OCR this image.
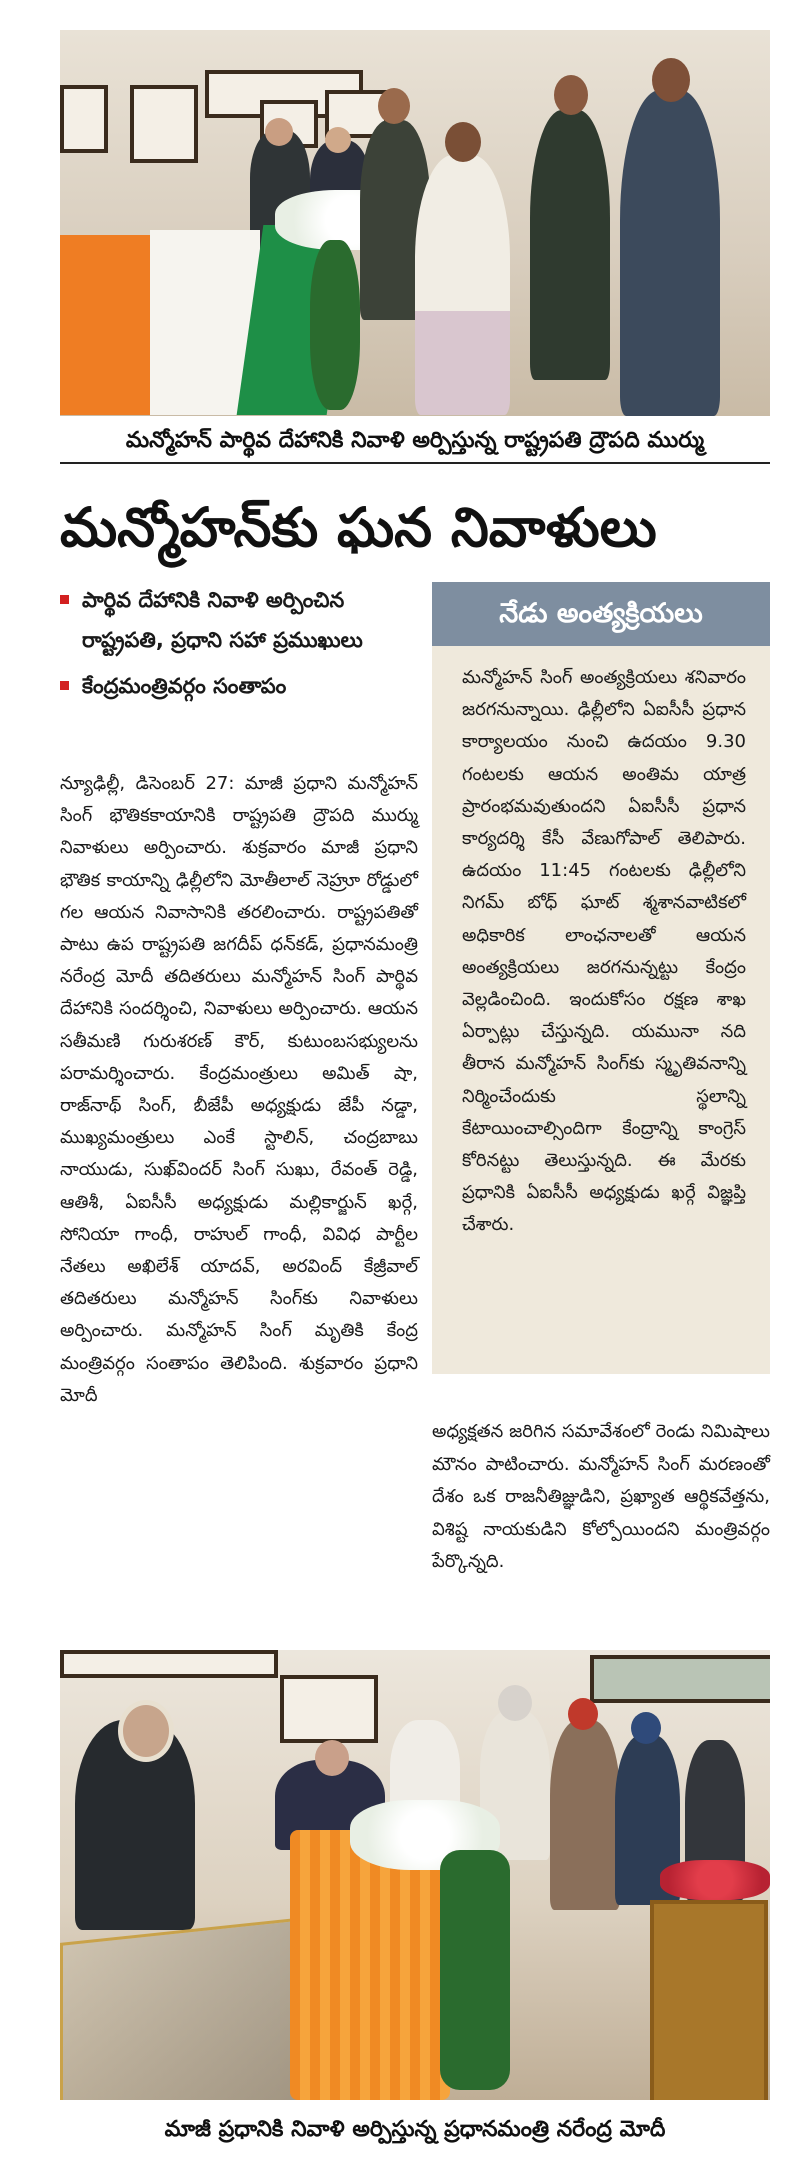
మన్మోహన్ పార్థివ దేహానికి నివాళి అర్పిస్తున్న రాష్ట్రపతి ద్రౌపది ముర్ము
మన్మోహన్‌కు ఘన నివాళులు
పార్థివ దేహానికి నివాళి అర్పించిన రాష్ట్రపతి, ప్రధాని సహా ప్రముఖులు
కేంద్రమంత్రివర్గం సంతాపం
న్యూఢిల్లీ, డిసెంబర్ 27: మాజీ ప్రధాని మన్మోహన్ సింగ్ భౌతికకాయానికి రాష్ట్రపతి ద్రౌపది ముర్ము నివాళులు అర్పించారు. శుక్రవారం మాజీ ప్రధాని భౌతిక కాయాన్ని ఢిల్లీలోని మోతీలాల్ నెహ్రూ రోడ్డులో గల ఆయన నివాసానికి తరలించారు. రాష్ట్రపతితో పాటు ఉప రాష్ట్రపతి జగదీప్ ధన్‌కడ్, ప్రధానమంత్రి నరేంద్ర మోదీ తదితరులు మన్మోహన్ సింగ్ పార్థివ దేహానికి సందర్శించి, నివాళులు అర్పించారు. ఆయన సతీమణి గురుశరణ్ కౌర్, కుటుంబసభ్యులను పరామర్శించారు. కేంద్రమంత్రులు అమిత్ షా, రాజ్‌నాథ్ సింగ్, బీజేపీ అధ్యక్షుడు జేపీ నడ్డా, ముఖ్యమంత్రులు ఎంకే స్టాలిన్, చంద్రబాబు నాయుడు, సుఖ్‌విందర్ సింగ్ సుఖు, రేవంత్ రెడ్డి, ఆతిశీ, ఏఐసీసీ అధ్యక్షుడు మల్లికార్జున్ ఖర్గే, సోనియా గాంధీ, రాహుల్ గాంధీ, వివిధ పార్టీల నేతలు అఖిలేశ్ యాదవ్, అరవింద్ కేజ్రీవాల్ తదితరులు మన్మోహన్ సింగ్‌కు నివాళులు అర్పించారు. మన్మోహన్ సింగ్ మృతికి కేంద్ర మంత్రివర్గం సంతాపం తెలిపింది. శుక్రవారం ప్రధాని మోదీ
నేడు అంత్యక్రియలు
మన్మోహన్ సింగ్ అంత్యక్రియలు శనివారం జరగనున్నాయి. ఢిల్లీలోని ఏఐసీసీ ప్రధాన కార్యాలయం నుంచి ఉదయం 9.30 గంటలకు ఆయన అంతిమ యాత్ర ప్రారంభమవుతుందని ఏఐసీసీ ప్రధాన కార్యదర్శి కేసీ వేణుగోపాల్ తెలిపారు. ఉదయం 11:45 గంటలకు ఢిల్లీలోని నిగమ్ బోధ్ ఘాట్ శ్మశానవాటికలో అధికారిక లాంఛనాలతో ఆయన అంత్యక్రియలు జరగనున్నట్టు కేంద్రం వెల్లడించింది. ఇందుకోసం రక్షణ శాఖ ఏర్పాట్లు చేస్తున్నది. యమునా నది తీరాన మన్మోహన్ సింగ్‌కు స్మృతివనాన్ని నిర్మించేందుకు స్థలాన్ని కేటాయించాల్సిందిగా కేంద్రాన్ని కాంగ్రెస్ కోరినట్టు తెలుస్తున్నది. ఈ మేరకు ప్రధానికి ఏఐసీసీ అధ్యక్షుడు ఖర్గే విజ్ఞప్తి చేశారు.
అధ్యక్షతన జరిగిన సమావేశంలో రెండు నిమిషాలు మౌనం పాటించారు. మన్మోహన్ సింగ్ మరణంతో దేశం ఒక రాజనీతిజ్ఞుడిని, ప్రఖ్యాత ఆర్థికవేత్తను, విశిష్ట నాయకుడిని కోల్పోయిందని మంత్రివర్గం పేర్కొన్నది.
మాజీ ప్రధానికి నివాళి అర్పిస్తున్న ప్రధానమంత్రి నరేంద్ర మోదీ
